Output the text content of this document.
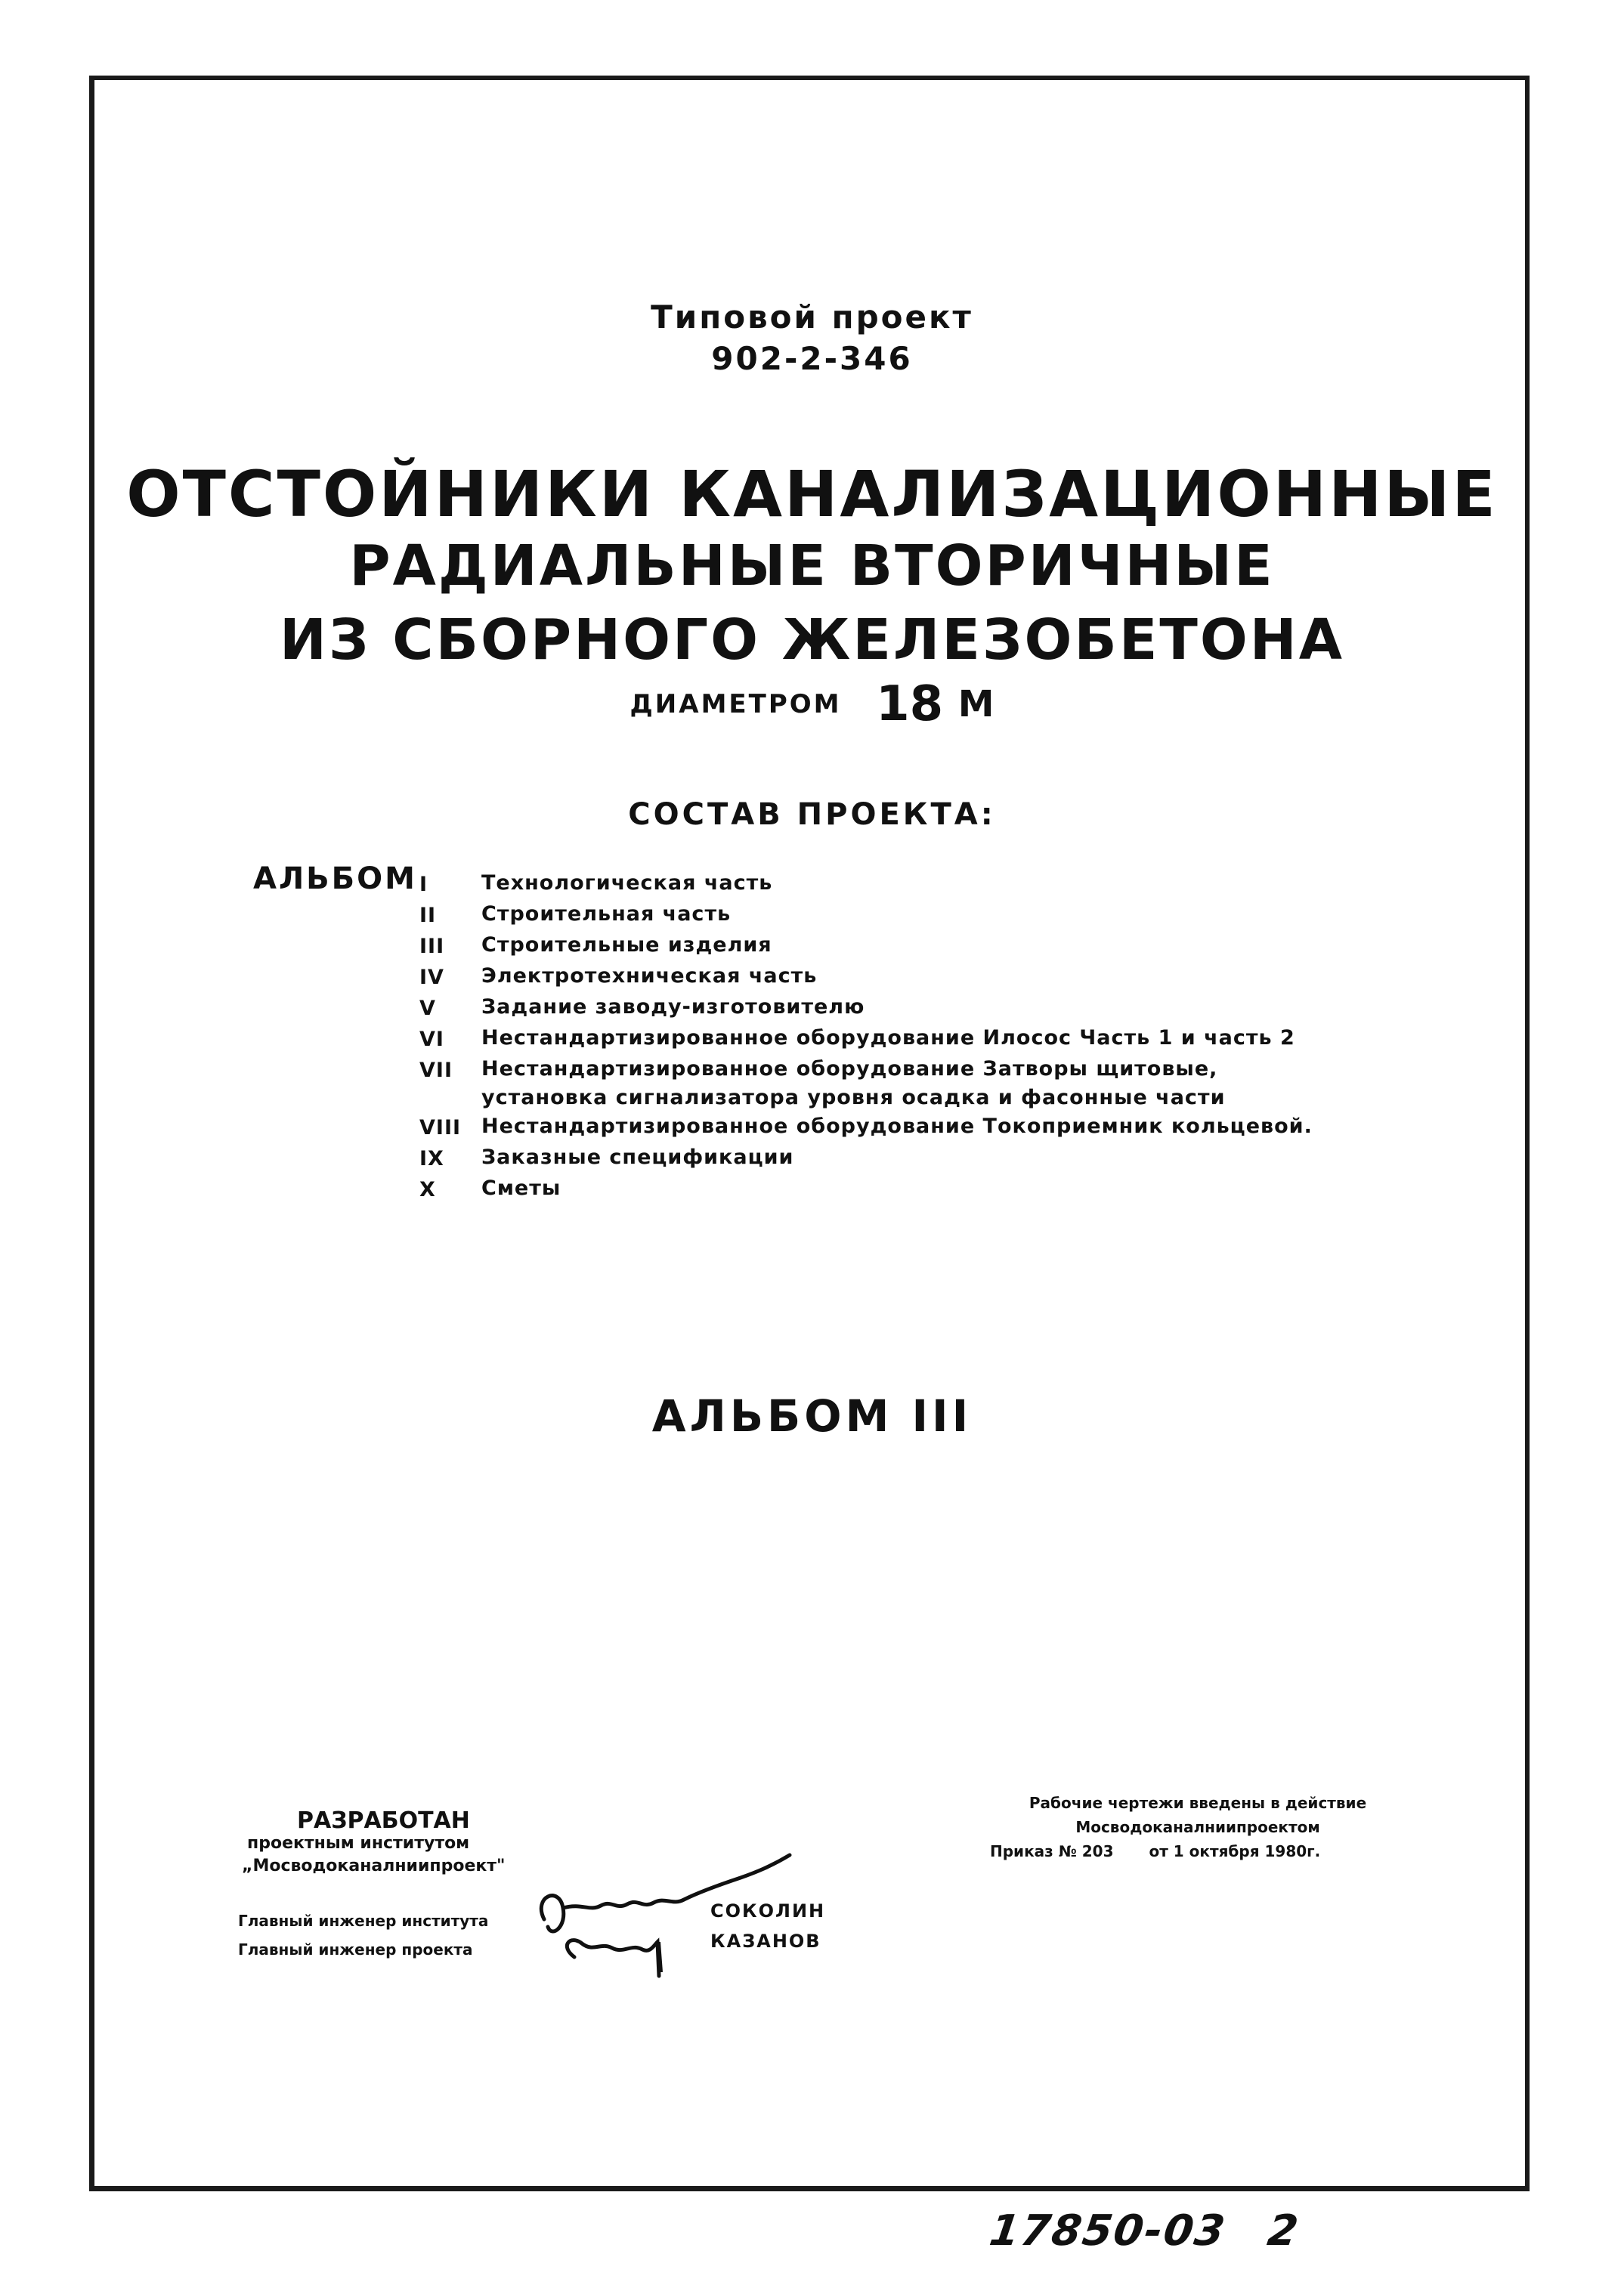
Типовой проект
902-2-346
ОТСТОЙНИКИ КАНАЛИЗАЦИОННЫЕ
РАДИАЛЬНЫЕ ВТОРИЧНЫЕ
ИЗ СБОРНОГО ЖЕЛЕЗОБЕТОНА
ДИАМЕТРОМ 18 М
СОСТАВ ПРОЕКТА:
АЛЬБОМ I	Технологическая часть
II	Строительная часть
III	Строительные изделия
IV	Электротехническая часть
V	Задание заводу-изготовителю
VI	Нестандартизированное оборудование Илосос Часть 1 и часть 2
VII	Нестандартизированное оборудование Затворы щитовые,
установка сигнализатора уровня осадка и фасонные части
VIII Нестандартизированное оборудование Токоприемник кольцевой.
IX	Заказные спецификации
X	Сметы
АЛЬБОМ III
РАЗРАБОТАН
проектным институтом
„Мосводоканалниипроект"
Главный инженер института
Главный инженер проекта
СОКОЛИН
КАЗАНОВ
Рабочие чертежи введены в действие
Мосводоканалниипроектом

Приказ № 203 от 1 октября 1980г.
17850-03 2
